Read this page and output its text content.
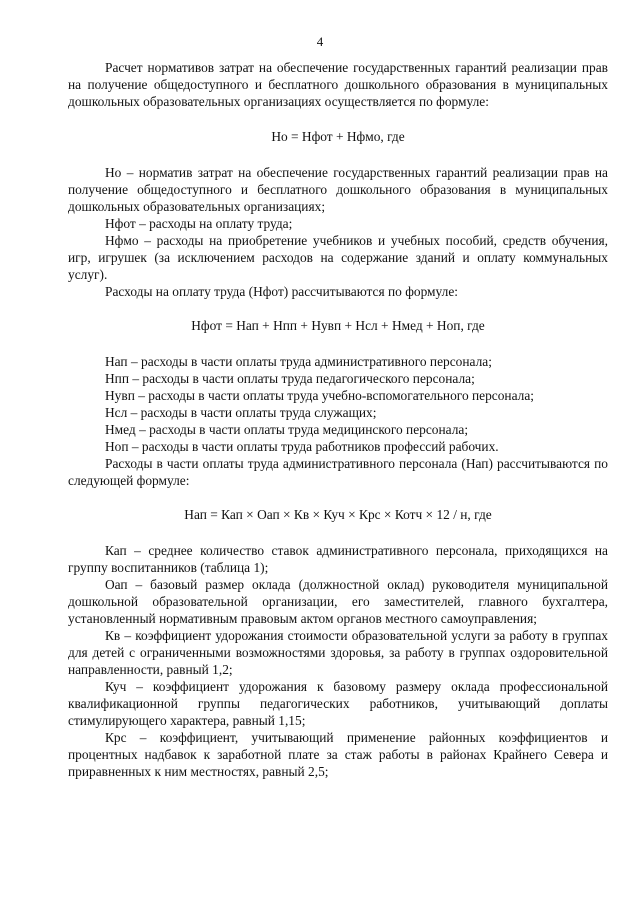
4

Расчет нормативов затрат на обеспечение государственных гарантий реализации прав на получение общедоступного и бесплатного дошкольного образования в муниципальных дошкольных образовательных организациях осуществляется по формуле:

Но = Нфот + Нфмо, где

Но – норматив затрат на обеспечение государственных гарантий реализации прав на получение общедоступного и бесплатного дошкольного образования в муниципальных дошкольных образовательных организациях;

Нфот – расходы на оплату труда;

Нфмо – расходы на приобретение учебников и учебных пособий, средств обучения, игр, игрушек (за исключением расходов на содержание зданий и оплату коммунальных услуг).

Расходы на оплату труда (Нфот) рассчитываются по формуле:

Нфот = Нап + Нпп + Нувп + Нсл + Нмед + Ноп, где

Нап – расходы в части оплаты труда административного персонала;

Нпп – расходы в части оплаты труда педагогического персонала;

Нувп – расходы в части оплаты труда учебно-вспомогательного персонала;

Нсл – расходы в части оплаты труда служащих;

Нмед – расходы в части оплаты труда медицинского персонала;

Ноп – расходы в части оплаты труда работников профессий рабочих.

Расходы в части оплаты труда административного персонала (Нап) рассчитываются по следующей формуле:

Нап = Кап × Оап × Кв × Куч × Крс × Котч × 12 / н, где

Кап – среднее количество ставок административного персонала, приходящихся на группу воспитанников (таблица 1);

Оап – базовый размер оклада (должностной оклад) руководителя муниципальной дошкольной образовательной организации, его заместителей, главного бухгалтера, установленный нормативным правовым актом органов местного самоуправления;

Кв – коэффициент удорожания стоимости образовательной услуги за работу в группах для детей с ограниченными возможностями здоровья, за работу в группах оздоровительной направленности, равный 1,2;

Куч – коэффициент удорожания к базовому размеру оклада профессиональной квалификационной группы педагогических работников, учитывающий доплаты стимулирующего характера, равный 1,15;

Крс – коэффициент, учитывающий применение районных коэффициентов и процентных надбавок к заработной плате за стаж работы в районах Крайнего Севера и приравненных к ним местностях, равный 2,5;
